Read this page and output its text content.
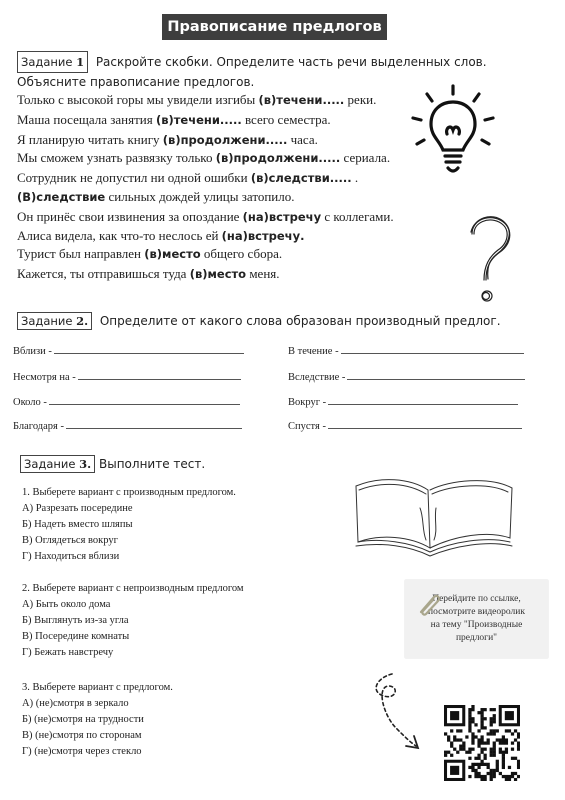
Правописание предлогов
Задание 1 Раскройте скобки. Определите часть речи выделенных слов. Объясните правописание предлогов.
Только с высокой горы мы увидели изгибы (в)течени..... реки.
Маша посещала занятия (в)течени..... всего семестра.
Я планирую читать книгу (в)продолжени..... часа.
Мы сможем узнать развязку только (в)продолжени..... сериала.
Сотрудник не допустил ни одной ошибки (в)следстви..... .
(В)следствие сильных дождей улицы затопило.
Он принёс свои извинения за опоздание (на)встречу с коллегами.
Алиса видела, как что-то неслось ей (на)встречу.
Турист был направлен (в)место общего сбора.
Кажется, ты отправишься туда (в)место меня.
Задание 2. Определите от какого слова образован производный предлог.
Вблизи -
Несмотря на -
Около -
Благодаря -
В течение -
Вследствие -
Вокруг -
Спустя -
Задание 3. Выполните тест.
1. Выберете вариант с производным предлогом.
А) Разрезать посередине
Б) Надеть вместо шляпы
В) Оглядеться вокруг
Г) Находиться вблизи
2. Выберете вариант с непроизводным предлогом
А) Быть около дома
Б) Выглянуть из-за угла
В) Посередине комнаты
Г) Бежать навстречу
3. Выберете вариант с предлогом.
А) (не)смотря в зеркало
Б) (не)смотря на трудности
В) (не)смотря по сторонам
Г) (не)смотря через стекло
Перейдите по ссылке,
посмотрите видеоролик
на тему "Производные
предлоги"
